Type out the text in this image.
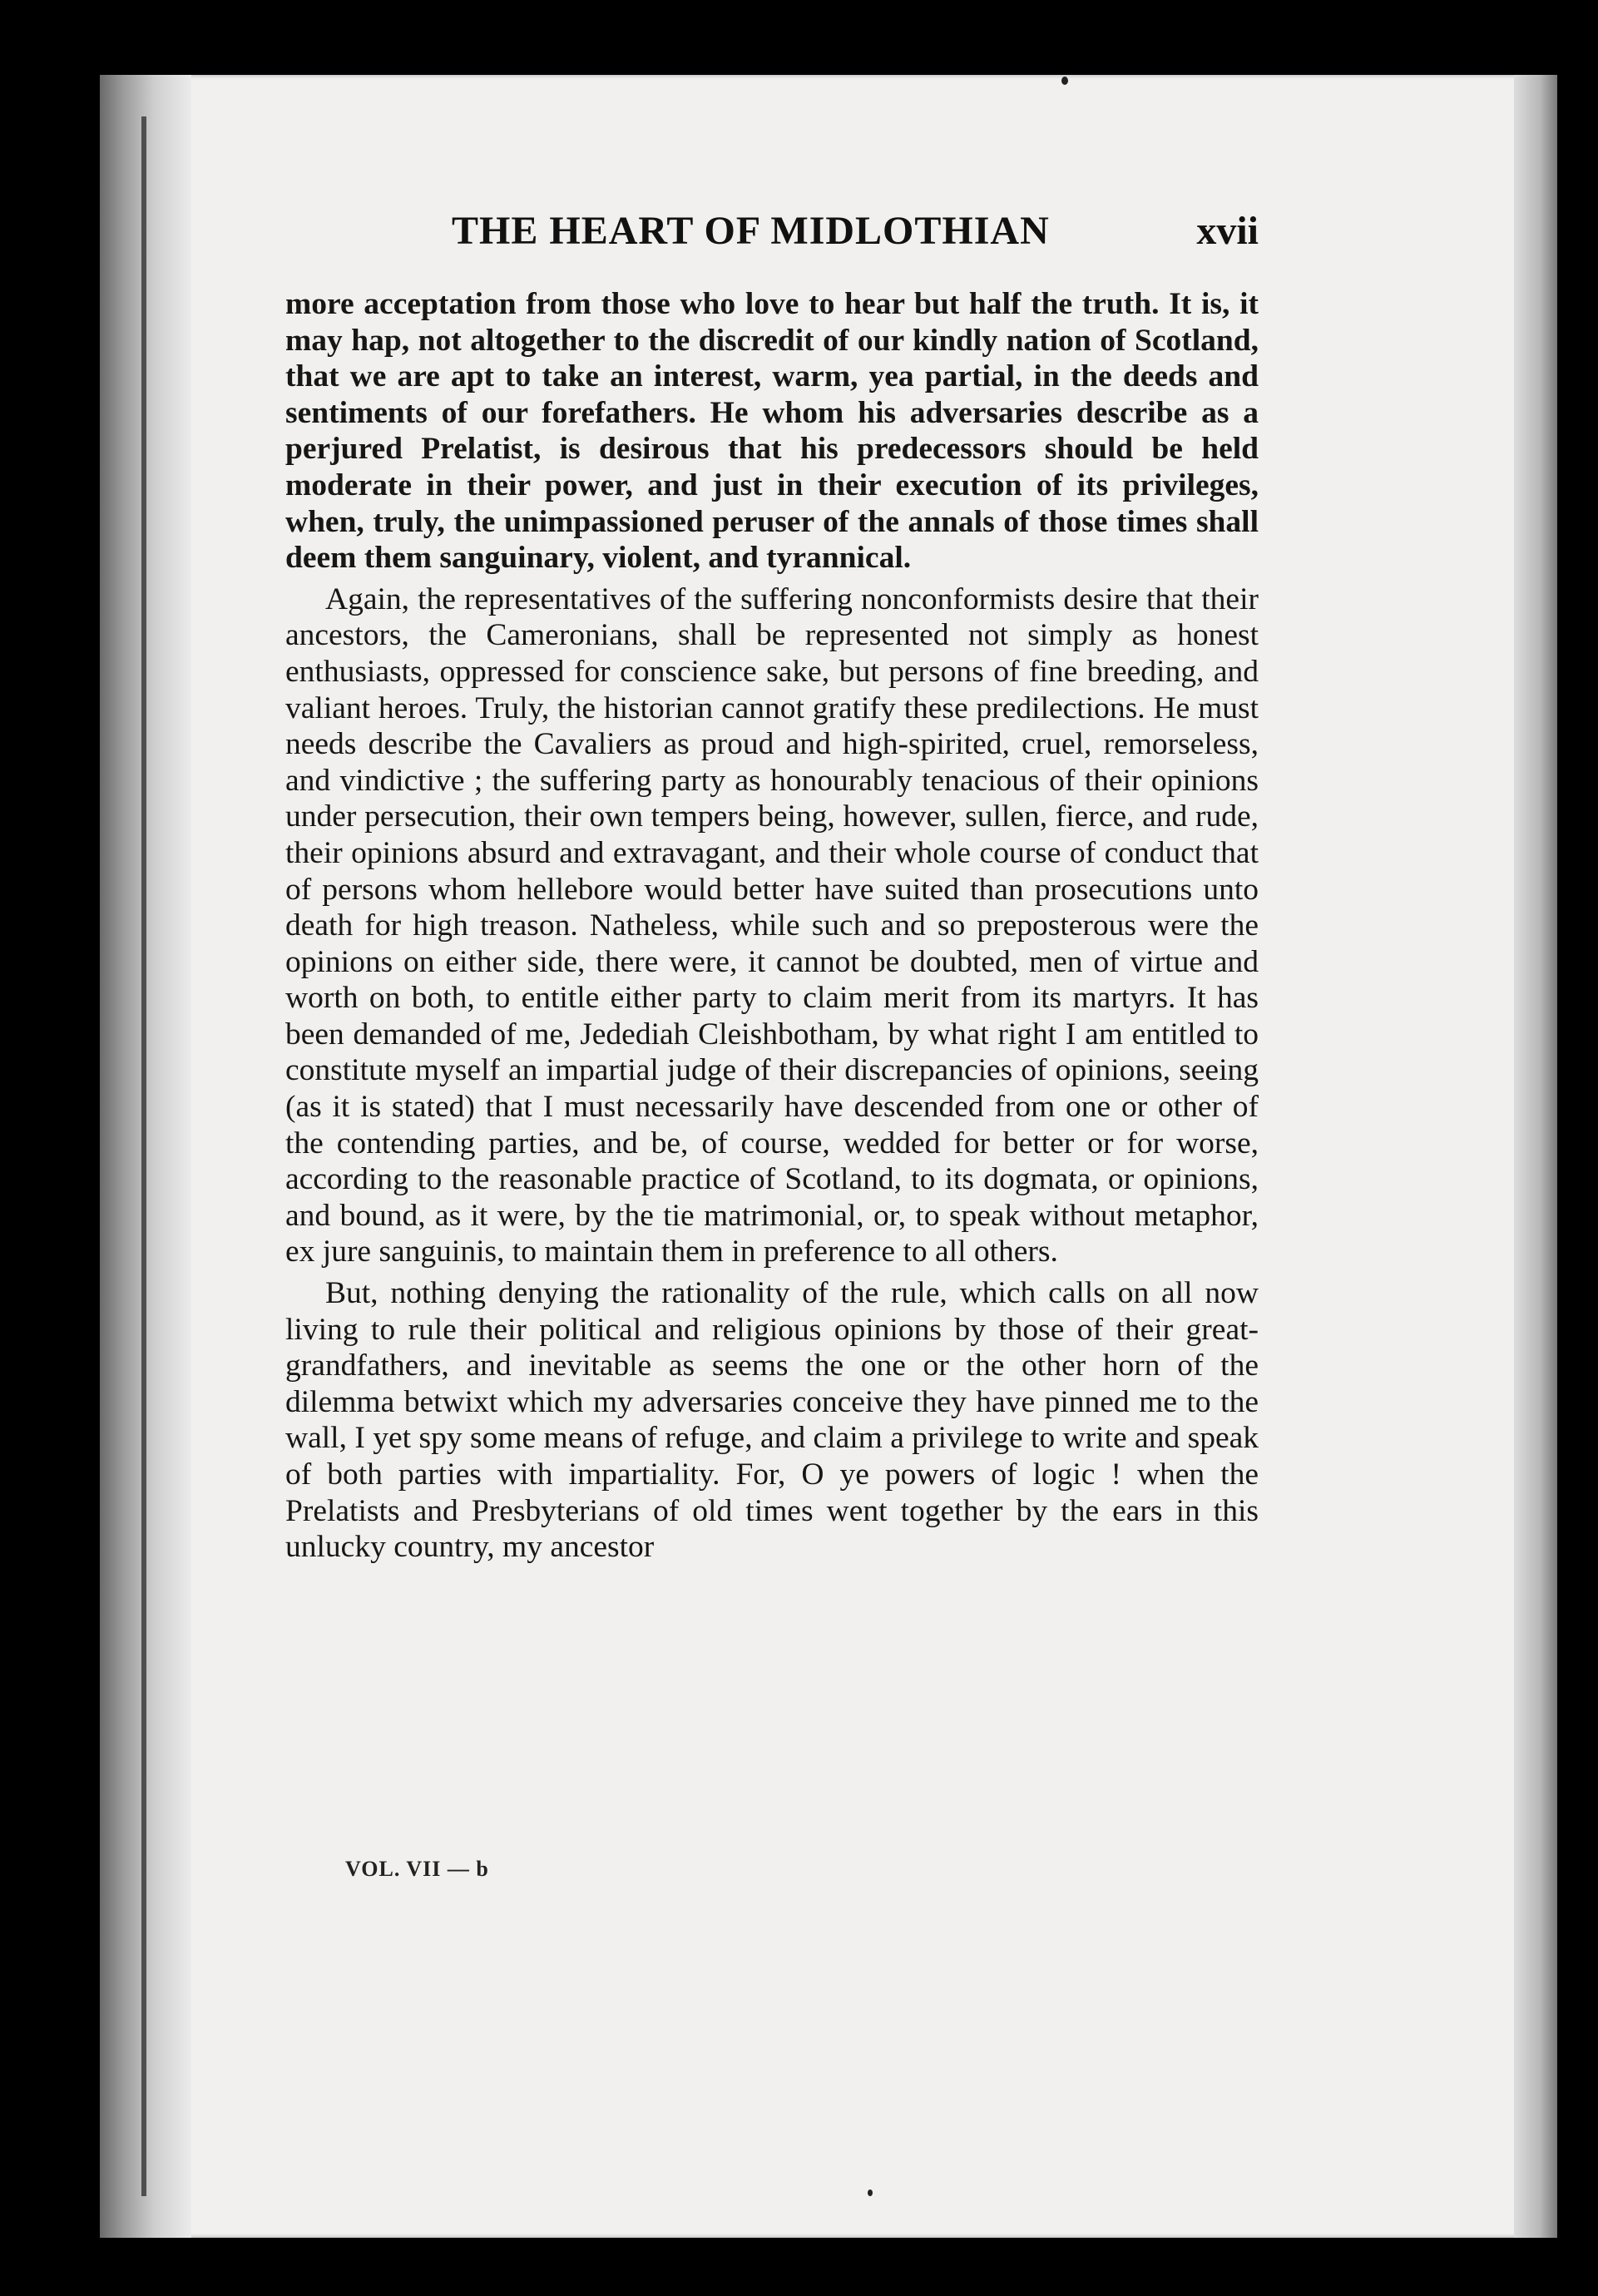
THE HEART OF MIDLOTHIAN	xvii

more acceptation from those who love to hear but half the truth. It is, it may hap, not altogether to the discredit of our kindly nation of Scotland, that we are apt to take an interest, warm, yea partial, in the deeds and sentiments of our forefathers. He whom his adversaries describe as a perjured Prelatist, is desirous that his predecessors should be held moderate in their power, and just in their execution of its privileges, when, truly, the unimpassioned peruser of the annals of those times shall deem them sanguinary, violent, and tyrannical.

Again, the representatives of the suffering nonconformists desire that their ancestors, the Cameronians, shall be represented not simply as honest enthusiasts, oppressed for conscience sake, but persons of fine breeding, and valiant heroes. Truly, the historian cannot gratify these predilections. He must needs describe the Cavaliers as proud and high-spirited, cruel, remorseless, and vindictive ; the suffering party as honourably tenacious of their opinions under persecution, their own tempers being, however, sullen, fierce, and rude, their opinions absurd and extravagant, and their whole course of conduct that of persons whom hellebore would better have suited than prosecutions unto death for high treason. Natheless, while such and so preposterous were the opinions on either side, there were, it cannot be doubted, men of virtue and worth on both, to entitle either party to claim merit from its martyrs. It has been demanded of me, Jedediah Cleishbotham, by what right I am entitled to constitute myself an impartial judge of their discrepancies of opinions, seeing (as it is stated) that I must necessarily have descended from one or other of the contending parties, and be, of course, wedded for better or for worse, according to the reasonable practice of Scotland, to its dogmata, or opinions, and bound, as it were, by the tie matrimonial, or, to speak without metaphor, ex jure sanguinis, to maintain them in preference to all others.

But, nothing denying the rationality of the rule, which calls on all now living to rule their political and religious opinions by those of their great-grandfathers, and inevitable as seems the one or the other horn of the dilemma betwixt which my adversaries conceive they have pinned me to the wall, I yet spy some means of refuge, and claim a privilege to write and speak of both parties with impartiality. For, O ye powers of logic ! when the Prelatists and Presbyterians of old times went together by the ears in this unlucky country, my ancestor

VOL. VII — b
